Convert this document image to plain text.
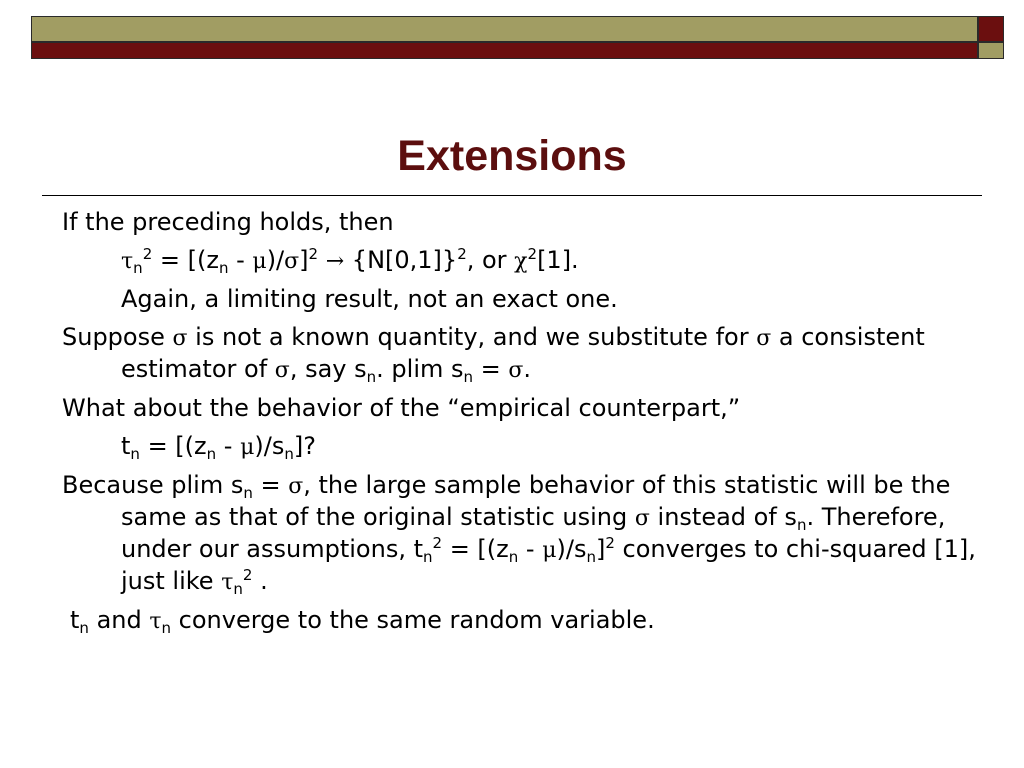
Extensions

If the preceding holds, then

$\tau_n^2 = [(z_n - \mu)/\sigma]^2 \to \{N[0,1]\}^2$, or $\chi^2[1]$.

Again, a limiting result, not an exact one.

Suppose σ is not a known quantity, and we substitute for σ a consistent estimator of σ, say $s_n$. plim $s_n = \sigma$.

What about the behavior of the “empirical counterpart,”

$t_n = [(z_n - \mu)/s_n]$?

Because plim $s_n = \sigma$, the large sample behavior of this statistic will be the same as that of the original statistic using σ instead of $s_n$. Therefore, under our assumptions, $t_n^2 = [(z_n - \mu)/s_n]^2$ converges to chi-squared [1], just like $\tau_n^2$ .

$t_n$ and $\tau_n$ converge to the same random variable.
